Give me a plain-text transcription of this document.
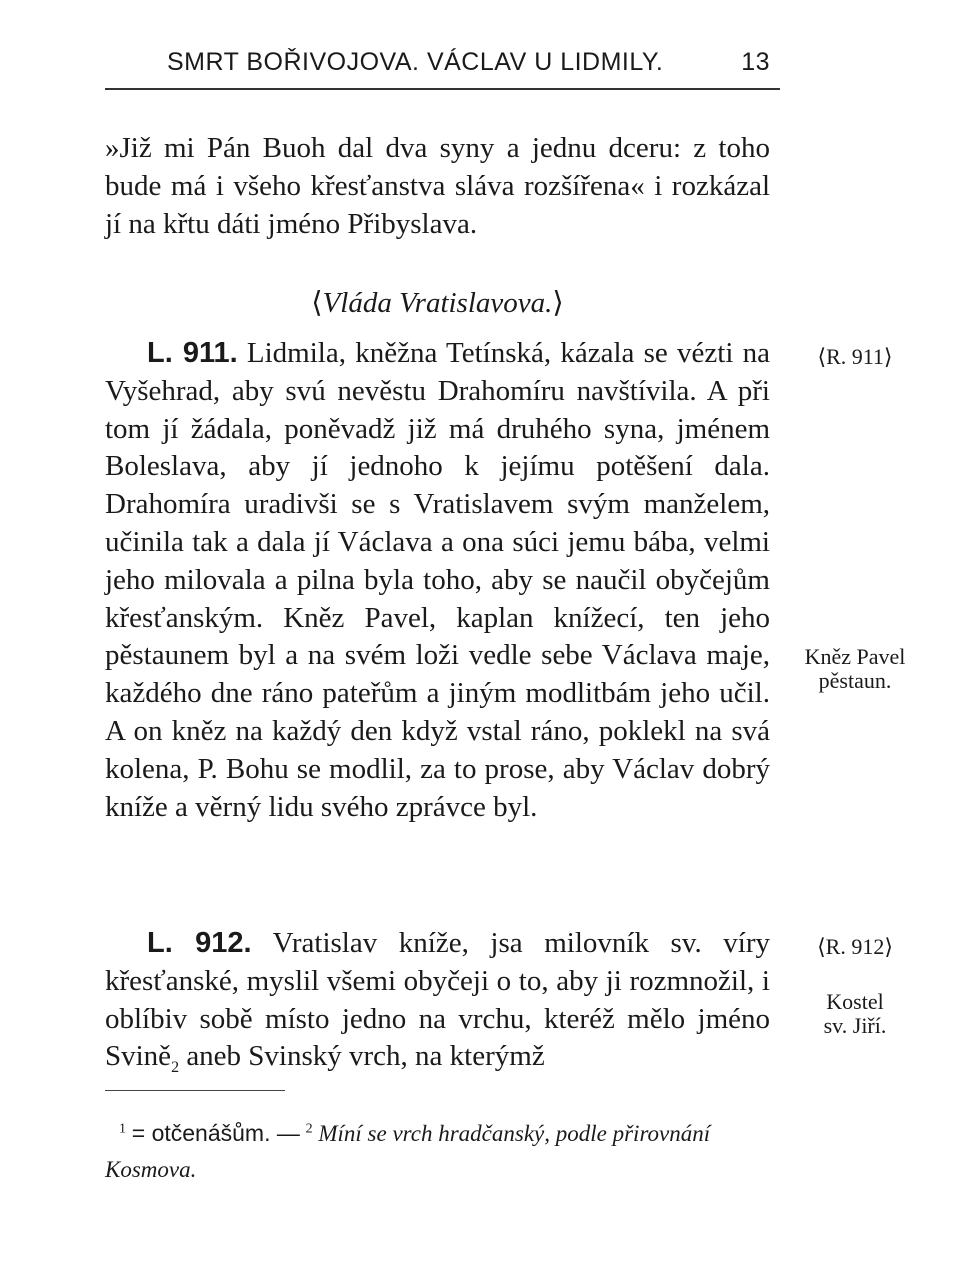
SMRT BOŘIVOJOVA. VÁCLAV U LIDMILY.	13
»Již mi Pán Buoh dal dva syny a jednu dceru: z toho bude má i všeho křesťanstva sláva rozšířena« i rozkázal jí na křtu dáti jméno Přibyslava.
⟨Vláda Vratislavova.⟩
L. 911. Lidmila, kněžna Tetínská, kázala se vézti na Vyšehrad, aby svú nevěstu Drahomíru navštívila. A při tom jí žádala, poněvadž již má druhého syna, jménem Boleslava, aby jí jednoho k jejímu potěšení dala. Drahomíra uradivši se s Vratislavem svým manželem, učinila tak a dala jí Václava a ona súci jemu bába, velmi jeho milovala a pilna byla toho, aby se naučil obyčejům křesťanským. Kněz Pavel, kaplan knížecí, ten jeho pěstaunem byl a na svém loži vedle sebe Václava maje, každého dne ráno pateřům a jiným modlitbám jeho učil. A on kněz na každý den když vstal ráno, poklekl na svá kolena, P. Bohu se modlil, za to prose, aby Václav dobrý kníže a věrný lidu svého zprávce byl.
L. 912. Vratislav kníže, jsa milovník sv. víry křesťanské, myslil všemi obyčeji o to, aby ji rozmnožil, i oblíbiv sobě místo jedno na vrchu, kteréž mělo jméno Svině$_2$ aneb Svinský vrch, na kterýmž
⟨R. 911⟩
Kněz Pavel
pěstaun.
⟨R. 912⟩
Kostel
sv. Jiří.
$^1$ = otčenášům. — $^2$ Míní se vrch hradčanský, podle přirovnání Kosmova.
